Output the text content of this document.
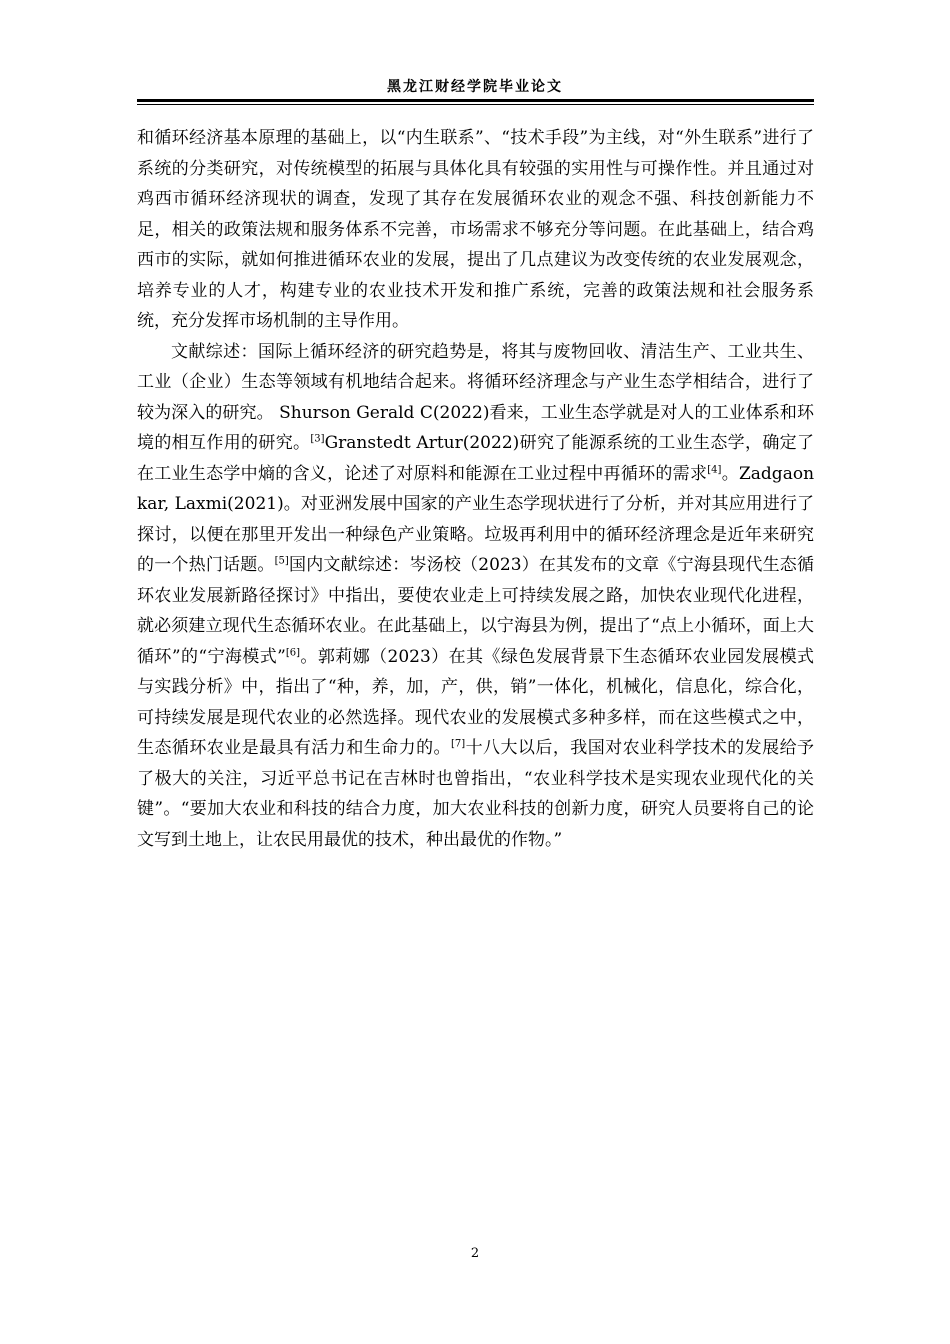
黑龙江财经学院毕业论文

和循环经济基本原理的基础上，以“内生联系”、“技术手段”为主线，对“外生联系”进行了系统的分类研究，对传统模型的拓展与具体化具有较强的实用性与可操作性。并且通过对鸡西市循环经济现状的调查，发现了其存在发展循环农业的观念不强、科技创新能力不足，相关的政策法规和服务体系不完善，市场需求不够充分等问题。在此基础上，结合鸡西市的实际，就如何推进循环农业的发展，提出了几点建议为改变传统的农业发展观念，培养专业的人才，构建专业的农业技术开发和推广系统，完善的政策法规和社会服务系统，充分发挥市场机制的主导作用。

文献综述：国际上循环经济的研究趋势是，将其与废物回收、清洁生产、工业共生、工业（企业）生态等领域有机地结合起来。将循环经济理念与产业生态学相结合，进行了较为深入的研究。 Shurson Gerald C(2022)看来，工业生态学就是对人的工业体系和环境的相互作用的研究。[3]Granstedt Artur(2022)研究了能源系统的工业生态学，确定了在工业生态学中熵的含义，论述了对原料和能源在工业过程中再循环的需求[4]。Zadgaonkar, Laxmi(2021)。对亚洲发展中国家的产业生态学现状进行了分析，并对其应用进行了探讨，以便在那里开发出一种绿色产业策略。垃圾再利用中的循环经济理念是近年来研究的一个热门话题。[5]国内文献综述：岑汤校（2023）在其发布的文章《宁海县现代生态循环农业发展新路径探讨》中指出，要使农业走上可持续发展之路，加快农业现代化进程，就必须建立现代生态循环农业。在此基础上，以宁海县为例，提出了“点上小循环，面上大循环”的“宁海模式”[6]。郭莉娜（2023）在其《绿色发展背景下生态循环农业园发展模式与实践分析》中，指出了“种，养，加，产，供，销”一体化，机械化，信息化，综合化，可持续发展是现代农业的必然选择。现代农业的发展模式多种多样，而在这些模式之中，生态循环农业是最具有活力和生命力的。[7]十八大以后，我国对农业科学技术的发展给予了极大的关注，习近平总书记在吉林时也曾指出，“农业科学技术是实现农业现代化的关键”。“要加大农业和科技的结合力度，加大农业科技的创新力度，研究人员要将自己的论文写到土地上，让农民用最优的技术，种出最优的作物。”

2
